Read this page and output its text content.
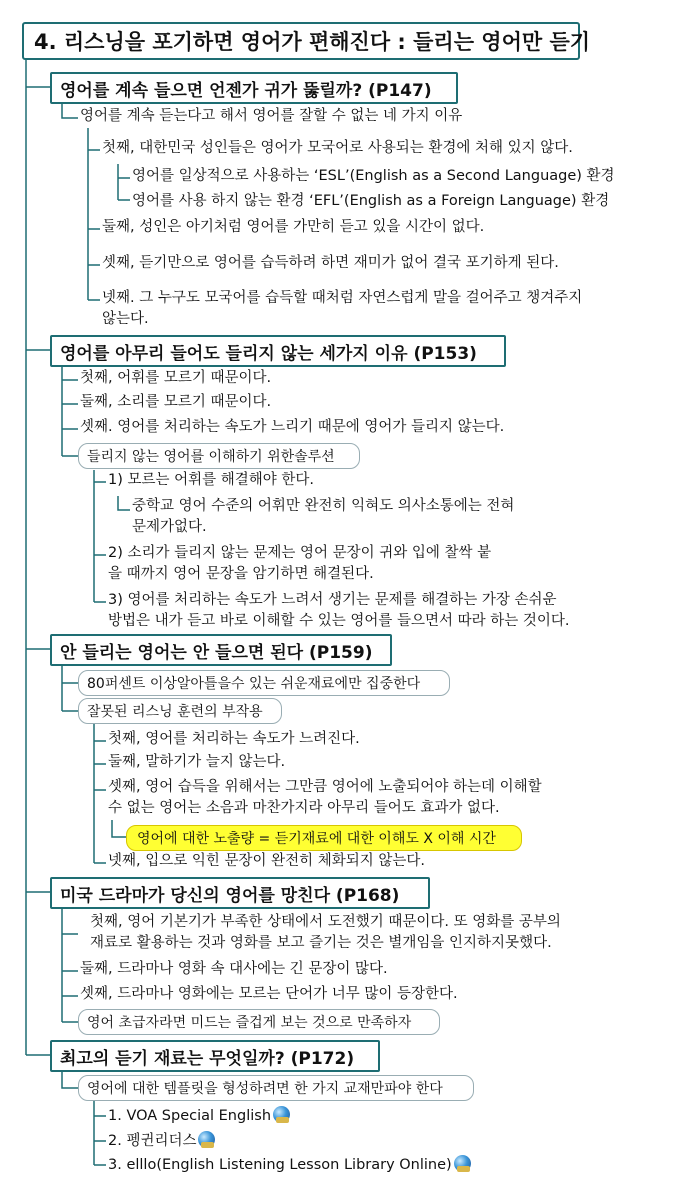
4. 리스닝을 포기하면 영어가 편해진다 : 들리는 영어만 듣기
영어를 계속 들으면 언젠가 귀가 뚫릴까? (P147)
영어를 계속 듣는다고 해서 영어를 잘할 수 없는 네 가지 이유
첫째, 대한민국 성인들은 영어가 모국어로 사용되는 환경에 처해 있지 않다.
영어를 일상적으로 사용하는 ‘ESL’(English as a Second Language) 환경
영어를 사용 하지 않는 환경 ‘EFL’(English as a Foreign Language) 환경
둘째, 성인은 아기처럼 영어를 가만히 듣고 있을 시간이 없다.
셋째, 듣기만으로 영어를 습득하려 하면 재미가 없어 결국 포기하게 된다.
넷째. 그 누구도 모국어를 습득할 때처럼 자연스럽게 말을 걸어주고 챙겨주지
않는다.
영어를 아무리 들어도 들리지 않는 세가지 이유 (P153)
첫째, 어휘를 모르기 때문이다.
둘째, 소리를 모르기 때문이다.
셋째. 영어를 처리하는 속도가 느리기 때문에 영어가 들리지 않는다.
들리지 않는 영어를 이해하기 위한솔루션
1) 모르는 어휘를 해결해야 한다.
중학교 영어 수준의 어휘만 완전히 익혀도 의사소통에는 전혀
문제가없다.
2) 소리가 들리지 않는 문제는 영어 문장이 귀와 입에 찰싹 붙
을 때까지 영어 문장을 암기하면 해결된다.
3) 영어를 처리하는 속도가 느려서 생기는 문제를 해결하는 가장 손쉬운
방법은 내가 듣고 바로 이해할 수 있는 영어를 들으면서 따라 하는 것이다.
안 들리는 영어는 안 들으면 된다 (P159)
80퍼센트 이상알아틀을수 있는 쉬운재료에만 집중한다
잘못된 리스닝 훈련의 부작용
첫째, 영어를 처리하는 속도가 느려진다.
둘째, 말하기가 늘지 않는다.
셋째, 영어 습득을 위해서는 그만큼 영어에 노출되어야 하는데 이해할
수 없는 영어는 소음과 마찬가지라 아무리 들어도 효과가 없다.
영어에 대한 노출량 = 듣기재료에 대한 이해도 X 이해 시간
넷째, 입으로 익힌 문장이 완전히 체화되지 않는다.
미국 드라마가 당신의 영어를 망친다 (P168)
첫째, 영어 기본기가 부족한 상태에서 도전했기 때문이다. 또 영화를 공부의
재료로 활용하는 것과 영화를 보고 즐기는 것은 별개임을 인지하지못했다.
둘째, 드라마나 영화 속 대사에는 긴 문장이 많다.
셋째, 드라마나 영화에는 모르는 단어가 너무 많이 등장한다.
영어 초급자라면 미드는 즐겁게 보는 것으로 만족하자
최고의 듣기 재료는 무엇일까? (P172)
영어에 대한 템플릿을 형성하려면 한 가지 교재만파야 한다
1. VOA Special English
2. 펭귄리더스
3. elllo(English Listening Lesson Library Online)
